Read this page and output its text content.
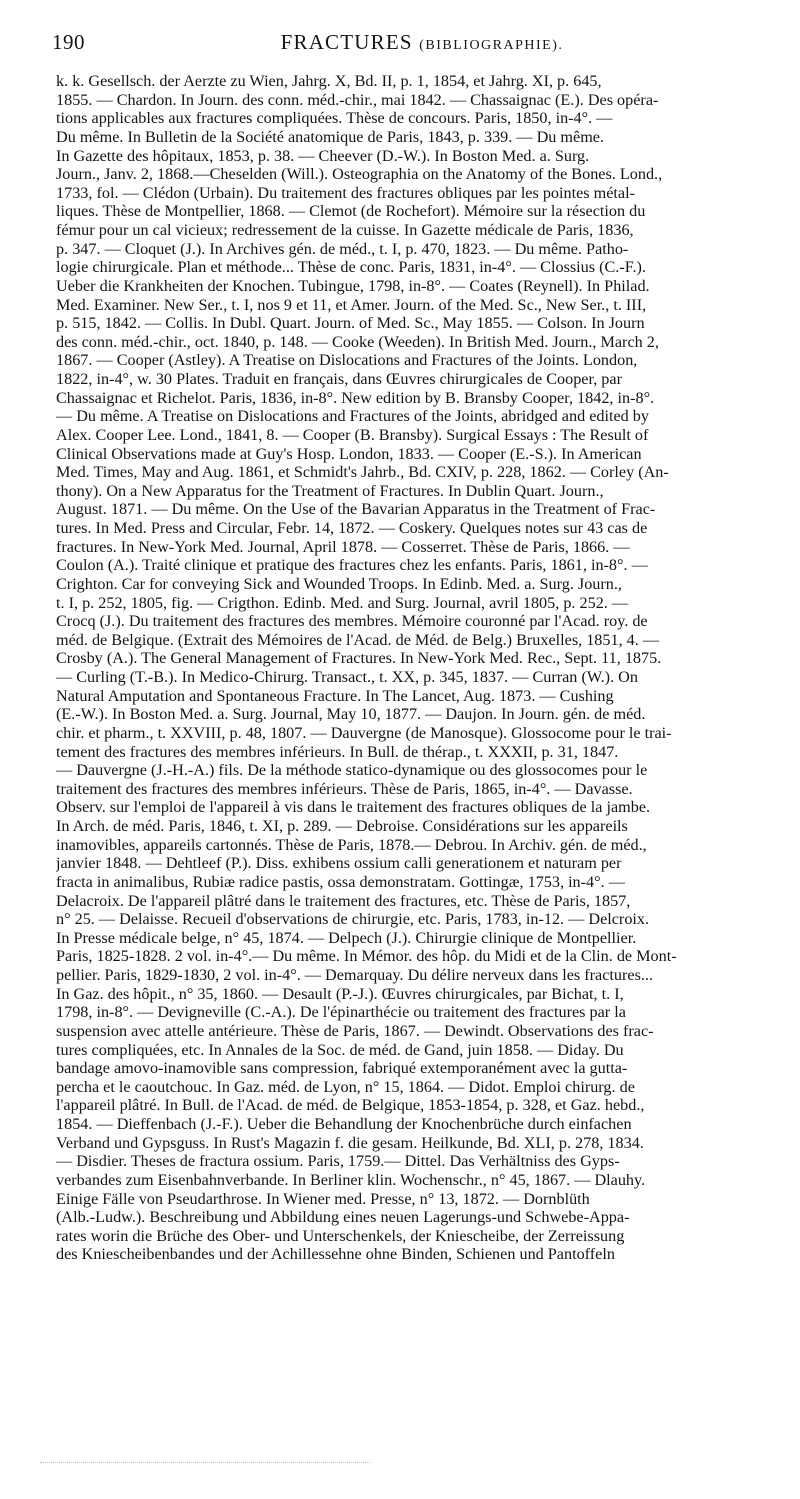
190	FRACTURES (BIBLIOGRAPHIE).
k. k. Gesellsch. der Aerzte zu Wien, Jahrg. X, Bd. II, p. 1, 1854, et Jahrg. XI, p. 645,
1855. — Chardon. In Journ. des conn. méd.-chir., mai 1842. — Chassaignac (E.). Des opéra-
tions applicables aux fractures compliquées. Thèse de concours. Paris, 1850, in-4°. —
Du même. In Bulletin de la Société anatomique de Paris, 1843, p. 339. — Du même.
In Gazette des hôpitaux, 1853, p. 38. — Cheever (D.-W.). In Boston Med. a. Surg.
Journ., Janv. 2, 1868.—Cheselden (Will.). Osteographia on the Anatomy of the Bones. Lond.,
1733, fol. — Clédon (Urbain). Du traitement des fractures obliques par les pointes métal-
liques. Thèse de Montpellier, 1868. — Clemot (de Rochefort). Mémoire sur la résection du
fémur pour un cal vicieux; redressement de la cuisse. In Gazette médicale de Paris, 1836,
p. 347. — Cloquet (J.). In Archives gén. de méd., t. I, p. 470, 1823. — Du même. Patho-
logie chirurgicale. Plan et méthode... Thèse de conc. Paris, 1831, in-4°. — Clossius (C.-F.).
Ueber die Krankheiten der Knochen. Tubingue, 1798, in-8°. — Coates (Reynell). In Philad.
Med. Examiner. New Ser., t. I, nos 9 et 11, et Amer. Journ. of the Med. Sc., New Ser., t. III,
p. 515, 1842. — Collis. In Dubl. Quart. Journ. of Med. Sc., May 1855. — Colson. In Journ
des conn. méd.-chir., oct. 1840, p. 148. — Cooke (Weeden). In British Med. Journ., March 2,
1867. — Cooper (Astley). A Treatise on Dislocations and Fractures of the Joints. London,
1822, in-4°, w. 30 Plates. Traduit en français, dans Œuvres chirurgicales de Cooper, par
Chassaignac et Richelot. Paris, 1836, in-8°. New edition by B. Bransby Cooper, 1842, in-8°.
— Du même. A Treatise on Dislocations and Fractures of the Joints, abridged and edited by
Alex. Cooper Lee. Lond., 1841, 8. — Cooper (B. Bransby). Surgical Essays : The Result of
Clinical Observations made at Guy's Hosp. London, 1833. — Cooper (E.-S.). In American
Med. Times, May and Aug. 1861, et Schmidt's Jahrb., Bd. CXIV, p. 228, 1862. — Corley (An-
thony). On a New Apparatus for the Treatment of Fractures. In Dublin Quart. Journ.,
August. 1871. — Du même. On the Use of the Bavarian Apparatus in the Treatment of Frac-
tures. In Med. Press and Circular, Febr. 14, 1872. — Coskery. Quelques notes sur 43 cas de
fractures. In New-York Med. Journal, April 1878. — Cosserret. Thèse de Paris, 1866. —
Coulon (A.). Traité clinique et pratique des fractures chez les enfants. Paris, 1861, in-8°. —
Crighton. Car for conveying Sick and Wounded Troops. In Edinb. Med. a. Surg. Journ.,
t. I, p. 252, 1805, fig. — Crigthon. Edinb. Med. and Surg. Journal, avril 1805, p. 252. —
Crocq (J.). Du traitement des fractures des membres. Mémoire couronné par l'Acad. roy. de
méd. de Belgique. (Extrait des Mémoires de l'Acad. de Méd. de Belg.) Bruxelles, 1851, 4. —
Crosby (A.). The General Management of Fractures. In New-York Med. Rec., Sept. 11, 1875.
— Curling (T.-B.). In Medico-Chirurg. Transact., t. XX, p. 345, 1837. — Curran (W.). On
Natural Amputation and Spontaneous Fracture. In The Lancet, Aug. 1873. — Cushing
(E.-W.). In Boston Med. a. Surg. Journal, May 10, 1877. — Daujon. In Journ. gén. de méd.
chir. et pharm., t. XXVIII, p. 48, 1807. — Dauvergne (de Manosque). Glossocome pour le trai-
tement des fractures des membres inférieurs. In Bull. de thérap., t. XXXII, p. 31, 1847.
— Dauvergne (J.-H.-A.) fils. De la méthode statico-dynamique ou des glossocomes pour le
traitement des fractures des membres inférieurs. Thèse de Paris, 1865, in-4°. — Davasse.
Observ. sur l'emploi de l'appareil à vis dans le traitement des fractures obliques de la jambe.
In Arch. de méd. Paris, 1846, t. XI, p. 289. — Debroise. Considérations sur les appareils
inamovibles, appareils cartonnés. Thèse de Paris, 1878.— Debrou. In Archiv. gén. de méd.,
janvier 1848. — Dehtleef (P.). Diss. exhibens ossium calli generationem et naturam per
fracta in animalibus, Rubiæ radice pastis, ossa demonstratam. Gottingæ, 1753, in-4°. —
Delacroix. De l'appareil plâtré dans le traitement des fractures, etc. Thèse de Paris, 1857,
n° 25. — Delaisse. Recueil d'observations de chirurgie, etc. Paris, 1783, in-12. — Delcroix.
In Presse médicale belge, n° 45, 1874. — Delpech (J.). Chirurgie clinique de Montpellier.
Paris, 1825-1828. 2 vol. in-4°.— Du même. In Mémor. des hôp. du Midi et de la Clin. de Mont-
pellier. Paris, 1829-1830, 2 vol. in-4°. — Demarquay. Du délire nerveux dans les fractures...
In Gaz. des hôpit., n° 35, 1860. — Desault (P.-J.). Œuvres chirurgicales, par Bichat, t. I,
1798, in-8°. — Devigneville (C.-A.). De l'épinarthécie ou traitement des fractures par la
suspension avec attelle antérieure. Thèse de Paris, 1867. — Dewindt. Observations des frac-
tures compliquées, etc. In Annales de la Soc. de méd. de Gand, juin 1858. — Diday. Du
bandage amovo-inamovible sans compression, fabriqué extemporanément avec la gutta-
percha et le caoutchouc. In Gaz. méd. de Lyon, n° 15, 1864. — Didot. Emploi chirurg. de
l'appareil plâtré. In Bull. de l'Acad. de méd. de Belgique, 1853-1854, p. 328, et Gaz. hebd.,
1854. — Dieffenbach (J.-F.). Ueber die Behandlung der Knochenbrüche durch einfachen
Verband und Gypsguss. In Rust's Magazin f. die gesam. Heilkunde, Bd. XLI, p. 278, 1834.
— Disdier. Theses de fractura ossium. Paris, 1759.— Dittel. Das Verhältniss des Gyps-
verbandes zum Eisenbahnverbande. In Berliner klin. Wochenschr., n° 45, 1867. — Dlauhy.
Einige Fälle von Pseudarthrose. In Wiener med. Presse, n° 13, 1872. — Dornblüth
(Alb.-Ludw.). Beschreibung und Abbildung eines neuen Lagerungs-und Schwebe-Appa-
rates worin die Brüche des Ober- und Unterschenkels, der Kniescheibe, der Zerreissung
des Kniescheibenbandes und der Achillessehne ohne Binden, Schienen und Pantoffeln
